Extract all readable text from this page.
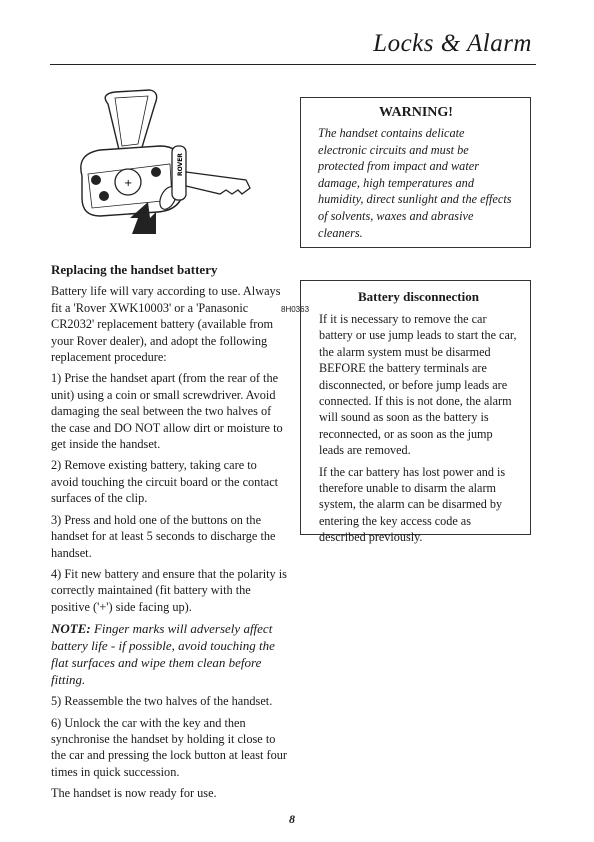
Locks & Alarm
+
ROVER
8H0363
WARNING!

The handset contains delicate electronic circuits and must be protected from impact and water damage, high temperatures and humidity, direct sunlight and the effects of solvents, waxes and abrasive cleaners.

Replacing the handset battery

Battery life will vary according to use. Always fit a 'Rover XWK10003' or a 'Panasonic CR2032' replacement battery (available from your Rover dealer), and adopt the following replacement procedure:

1) Prise the handset apart (from the rear of the unit) using a coin or small screwdriver. Avoid damaging the seal between the two halves of the case and DO NOT allow dirt or moisture to get inside the handset.

2) Remove existing battery, taking care to avoid touching the circuit board or the contact surfaces of the clip.

3) Press and hold one of the buttons on the handset for at least 5 seconds to discharge the handset.

4) Fit new battery and ensure that the polarity is correctly maintained (fit battery with the positive ('+') side facing up).

NOTE: Finger marks will adversely affect battery life - if possible, avoid touching the flat surfaces and wipe them clean before fitting.

5) Reassemble the two halves of the handset.

6) Unlock the car with the key and then synchronise the handset by holding it close to the car and pressing the lock button at least four times in quick succession.

The handset is now ready for use.

Battery disconnection

If it is necessary to remove the car battery or use jump leads to start the car, the alarm system must be disarmed BEFORE the battery terminals are disconnected, or before jump leads are connected. If this is not done, the alarm will sound as soon as the battery is reconnected, or as soon as the jump leads are removed.

If the car battery has lost power and is therefore unable to disarm the alarm system, the alarm can be disarmed by entering the key access code as described previously.

8
